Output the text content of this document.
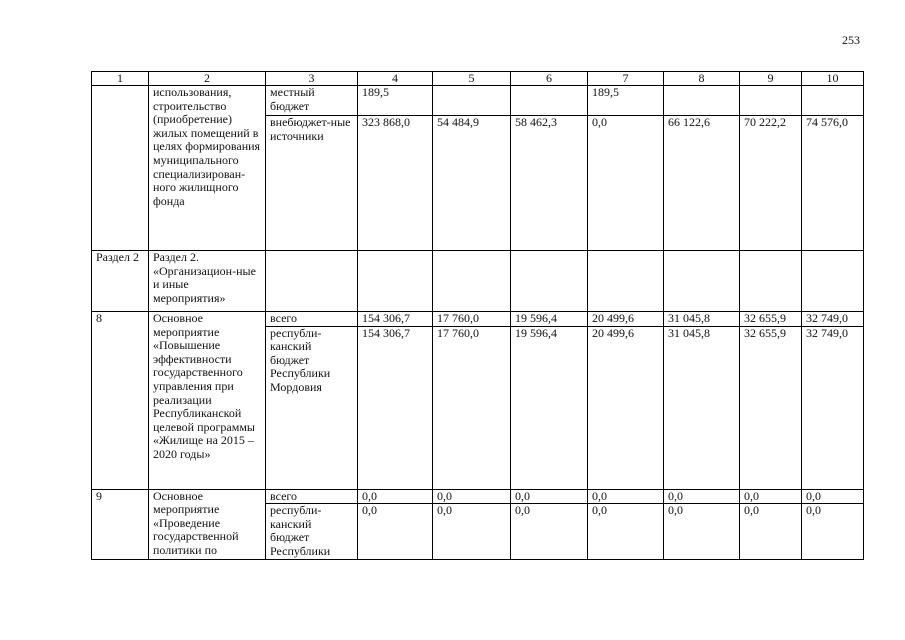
253
1	2	3	4	5	6	7	8	9	10
	использования, строительство (приобретение) жилых помещений в целях формирования муниципального специализирован-ного жилищного фонда	местный бюджет	189,5			189,5			
		внебюджет-ные источники	323 868,0	54 484,9	58 462,3	0,0	66 122,6	70 222,2	74 576,0
Раздел 2	Раздел 2. «Организацион-ные и иные мероприятия»								
8	Основное мероприятие «Повышение эффективности государственного управления при реализации Республиканской целевой программы «Жилище на 2015 – 2020 годы»	всего	154 306,7	17 760,0	19 596,4	20 499,6	31 045,8	32 655,9	32 749,0
		республи-канский бюджет Республики Мордовия	154 306,7	17 760,0	19 596,4	20 499,6	31 045,8	32 655,9	32 749,0
9	Основное мероприятие «Проведение государственной политики по	всего	0,0	0,0	0,0	0,0	0,0	0,0	0,0
		республи-канский бюджет Республики	0,0	0,0	0,0	0,0	0,0	0,0	0,0
